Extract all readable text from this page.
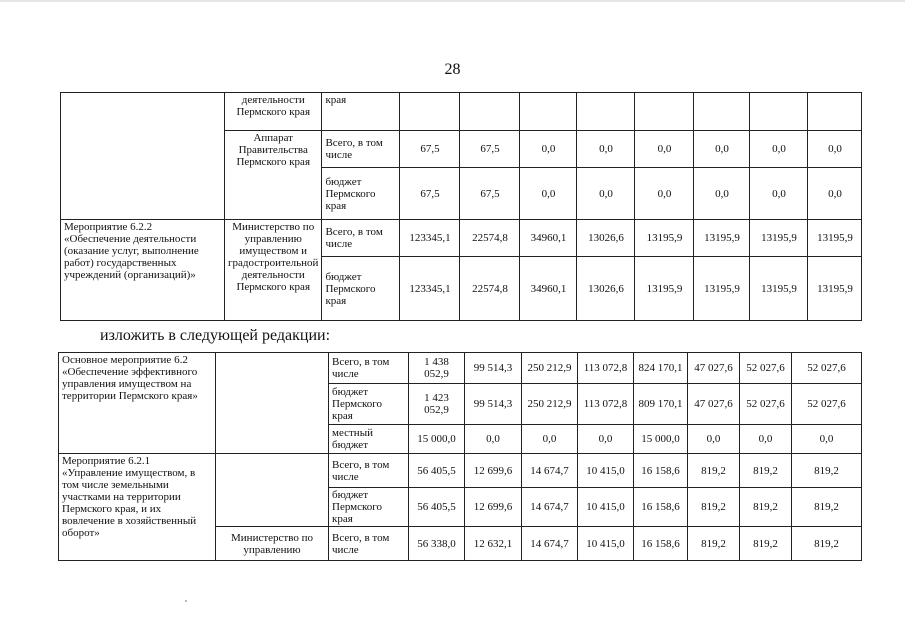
28
	деятельности Пермского края	края								
	Аппарат Правительства Пермского края	Всего, в том числе	67,5	67,5	0,0	0,0	0,0	0,0	0,0	0,0
		бюджет Пермского края	67,5	67,5	0,0	0,0	0,0	0,0	0,0	0,0
Мероприятие 6.2.2 «Обеспечение деятельности (оказание услуг, выполнение работ) государственных учреждений (организаций)»	Министерство по управлению имуществом и градостроительной деятельности Пермского края	Всего, в том числе	123345,1	22574,8	34960,1	13026,6	13195,9	13195,9	13195,9	13195,9
		бюджет Пермского края	123345,1	22574,8	34960,1	13026,6	13195,9	13195,9	13195,9	13195,9
изложить в следующей редакции:
Основное мероприятие 6.2 «Обеспечение эффективного управления имуществом на территории Пермского края»		Всего, в том числе	1 438 052,9	99 514,3	250 212,9	113 072,8	824 170,1	47 027,6	52 027,6	52 027,6
		бюджет Пермского края	1 423 052,9	99 514,3	250 212,9	113 072,8	809 170,1	47 027,6	52 027,6	52 027,6
		местный бюджет	15 000,0	0,0	0,0	0,0	15 000,0	0,0	0,0	0,0
Мероприятие 6.2.1 «Управление имуществом, в том числе земельными участками на территории Пермского края, и их вовлечение в хозяйственный оборот»		Всего, в том числе	56 405,5	12 699,6	14 674,7	10 415,0	16 158,6	819,2	819,2	819,2
		бюджет Пермского края	56 405,5	12 699,6	14 674,7	10 415,0	16 158,6	819,2	819,2	819,2
	Министерство по управлению	Всего, в том числе	56 338,0	12 632,1	14 674,7	10 415,0	16 158,6	819,2	819,2	819,2
